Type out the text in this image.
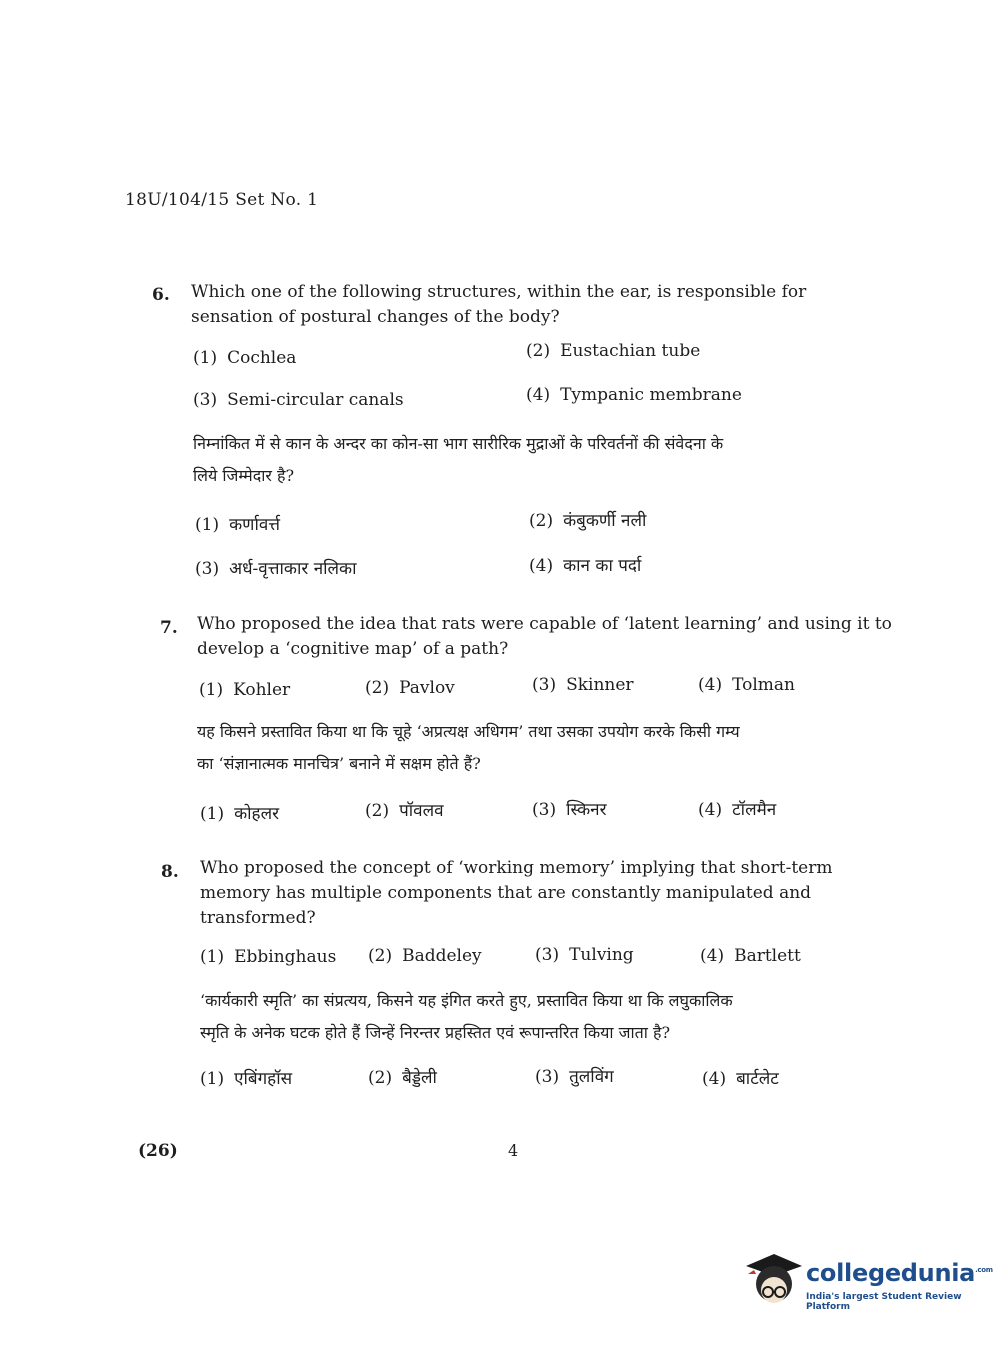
18U/104/15 Set No. 1
6. Which one of the following structures, within the ear, is responsible for
sensation of postural changes of the body?
(1) Cochlea	(2) Eustachian tube
(3) Semi-circular canals	(4) Tympanic membrane
निम्नांकित में से कान के अन्दर का कोन-सा भाग सारीरिक मुद्राओं के परिवर्तनों की संवेदना के
लिये जिम्मेदार है?
(1) कर्णावर्त्त	(2) कंबुकर्णी नली
(3) अर्ध-वृत्ताकार नलिका	(4) कान का पर्दा
7. Who proposed the idea that rats were capable of ‘latent learning’ and using it to
develop a ‘cognitive map’ of a path?
(1) Kohler	(2) Pavlov	(3) Skinner	(4) Tolman
यह किसने प्रस्तावित किया था कि चूहे ‘अप्रत्यक्ष अधिगम’ तथा उसका उपयोग करके किसी गम्य
का ‘संज्ञानात्मक मानचित्र’ बनाने में सक्षम होते हैं?
(1) कोहलर	(2) पॉवलव	(3) स्किनर	(4) टॉलमैन
8. Who proposed the concept of ‘working memory’ implying that short-term
memory has multiple components that are constantly manipulated and
transformed?
(1) Ebbinghaus (2) Baddeley	(3) Tulving	(4) Bartlett
‘कार्यकारी स्मृति’ का संप्रत्यय, किसने यह इंगित करते हुए, प्रस्तावित किया था कि लघुकालिक
स्मृति के अनेक घटक होते हैं जिन्हें निरन्तर प्रहस्तित एवं रूपान्तरित किया जाता है?
(1) एबिंगहॉस	(2) बैड्डेली	(3) तुलविंग	(4) बार्टलेट
(26)	4
collegedunia$^{.com}$
India's largest Student Review Platform
